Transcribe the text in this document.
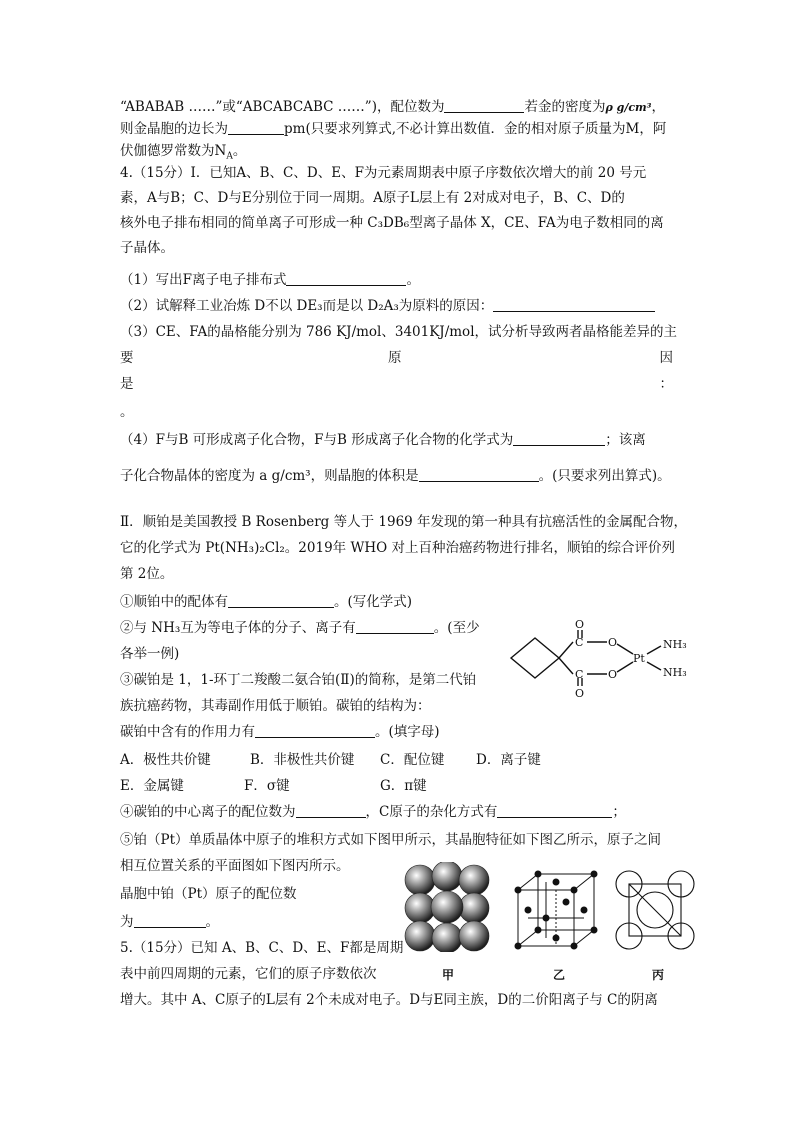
“ABABAB ……”或“ABCABCABC ……”)，配位数为	若金的密度为ρ g/cm³，
则金晶胞的边长为	pm(只要求列算式,不必计算出数值．金的相对原子质量为M，阿
伏伽德罗常数为$N_A$。
4.（15分）Ⅰ．已知A、B、C、D、E、F为元素周期表中原子序数依次增大的前 20 号元
素，A与B；C、D与E分别位于同一周期。A原子L层上有 2对成对电子，B、C、D的
核外电子排布相同的简单离子可形成一种 C₃DB₆型离子晶体 X，CE、FA为电子数相同的离
子晶体。
（1）写出F离子电子排布式	。
（2）试解释工业冶炼 D不以 DE₃而是以 D₂A₃为原料的原因：
（3）CE、FA的晶格能分别为 786 KJ/mol、3401KJ/mol，试分析导致两者晶格能差异的主
要	原	因
是	：
。
（4）F与B 可形成离子化合物，F与B 形成离子化合物的化学式为	；该离
子化合物晶体的密度为 a g/cm³，则晶胞的体积是	。(只要求列出算式)。
Ⅱ．顺铂是美国教授 B Rosenberg 等人于 1969 年发现的第一种具有抗癌活性的金属配合物，
它的化学式为 Pt(NH₃)₂Cl₂。2019年 WHO 对上百种治癌药物进行排名，顺铂的综合评价列
第 2位。
①顺铂中的配体有	。(写化学式)
②与 NH₃互为等电子体的分子、离子有	。(至少
各举一例)
③碳铂是 1，1-环丁二羧酸二氨合铂(Ⅱ)的简称，是第二代铂
族抗癌药物，其毒副作用低于顺铂。碳铂的结构为：
碳铂中含有的作用力有	。(填字母)
A．极性共价键	B．非极性共价键 C．配位键 D．离子键
E．金属键	F．σ键	G．π键
④碳铂的中心离子的配位数为	，C原子的杂化方式有	；
⑤铂（Pt）单质晶体中原子的堆积方式如下图甲所示，其晶胞特征如下图乙所示，原子之间
相互位置关系的平面图如下图丙所示。
晶胞中铂（Pt）原子的配位数
为	。
5.（15分）已知 A、B、C、D、E、F都是周期
表中前四周期的元素，它们的原子序数依次
增大。其中 A、C原子的L层有 2个未成对电子。D与E同主族，D的二价阳离子与 C的阴离
O
C
C
O
O
O
Pt
NH₃
NH₃
甲	乙	丙
